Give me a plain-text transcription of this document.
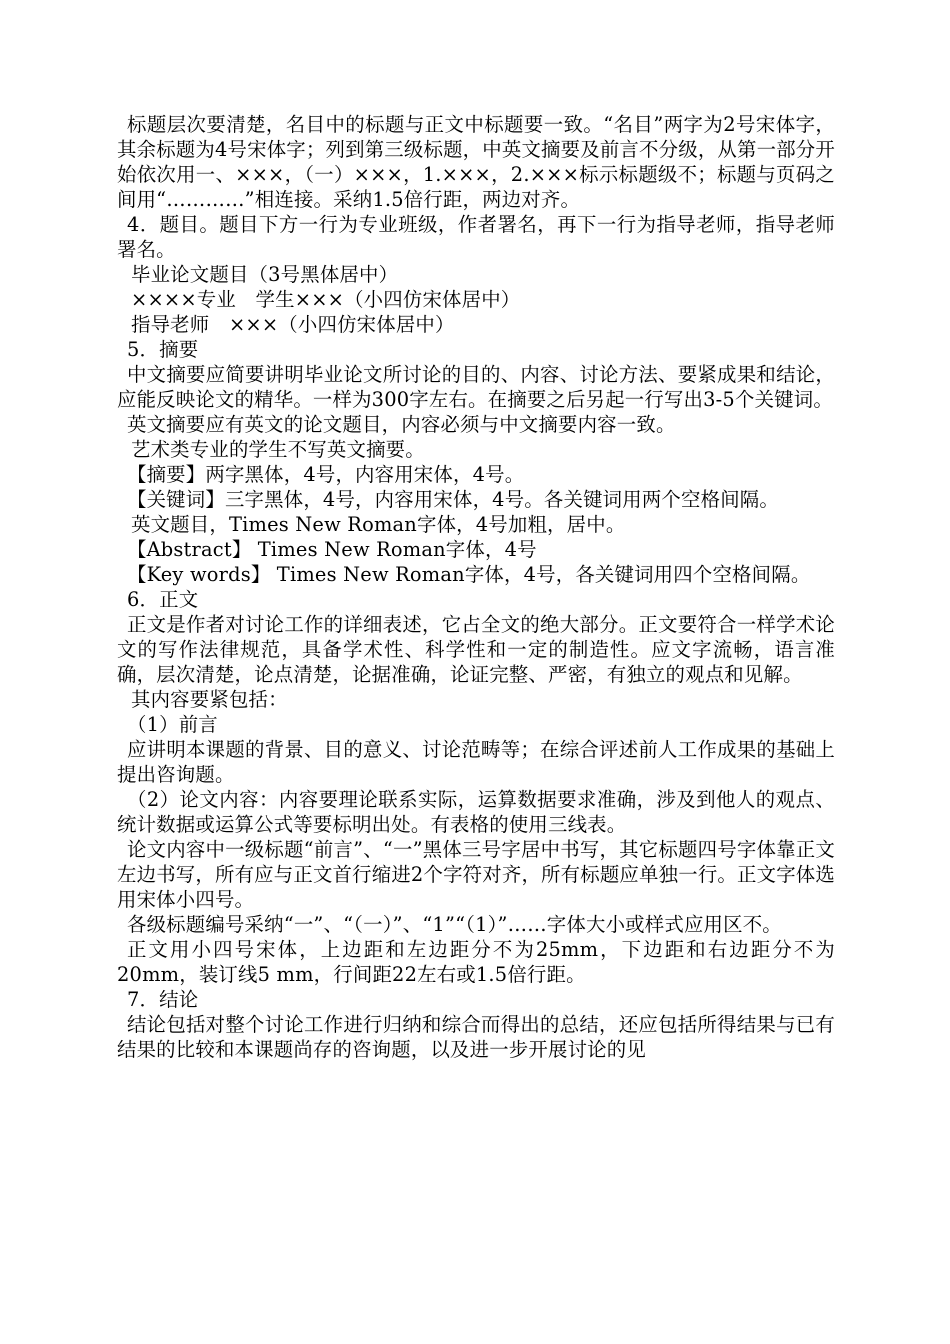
标题层次要清楚，名目中的标题与正文中标题要一致。“名目”两字为2号宋体字，其余标题为4号宋体字；列到第三级标题，中英文摘要及前言不分级，从第一部分开始依次用一、×××，（一）×××，1.×××，2.×××标示标题级不；标题与页码之间用“…………”相连接。采纳1.5倍行距，两边对齐。

4．题目。题目下方一行为专业班级，作者署名，再下一行为指导老师，指导老师署名。

毕业论文题目（3号黑体居中）

××××专业　学生×××（小四仿宋体居中）

指导老师　×××（小四仿宋体居中）

5．摘要

中文摘要应简要讲明毕业论文所讨论的目的、内容、讨论方法、要紧成果和结论，应能反映论文的精华。一样为300字左右。在摘要之后另起一行写出3-5个关键词。

英文摘要应有英文的论文题目，内容必须与中文摘要内容一致。

艺术类专业的学生不写英文摘要。

【摘要】两字黑体，4号，内容用宋体，4号。

【关键词】三字黑体，4号，内容用宋体，4号。各关键词用两个空格间隔。

英文题目，Times New Roman字体，4号加粗，居中。

【Abstract】 Times New Roman字体，4号

【Key words】 Times New Roman字体，4号，各关键词用四个空格间隔。

6．正文

正文是作者对讨论工作的详细表述，它占全文的绝大部分。正文要符合一样学术论文的写作法律规范，具备学术性、科学性和一定的制造性。应文字流畅，语言准确，层次清楚，论点清楚，论据准确，论证完整、严密，有独立的观点和见解。

其内容要紧包括：

（1）前言

应讲明本课题的背景、目的意义、讨论范畴等；在综合评述前人工作成果的基础上提出咨询题。

（2）论文内容：内容要理论联系实际，运算数据要求准确，涉及到他人的观点、统计数据或运算公式等要标明出处。有表格的使用三线表。

论文内容中一级标题“前言”、“一”黑体三号字居中书写，其它标题四号字体靠正文左边书写，所有应与正文首行缩进2个字符对齐，所有标题应单独一行。正文字体选用宋体小四号。

各级标题编号采纳“一”、“（一）”、“1”“（1）”……字体大小或样式应用区不。

正文用小四号宋体，上边距和左边距分不为25mm，下边距和右边距分不为20mm，装订线5 mm，行间距22左右或1.5倍行距。

7．结论

结论包括对整个讨论工作进行归纳和综合而得出的总结，还应包括所得结果与已有结果的比较和本课题尚存的咨询题，以及进一步开展讨论的见
